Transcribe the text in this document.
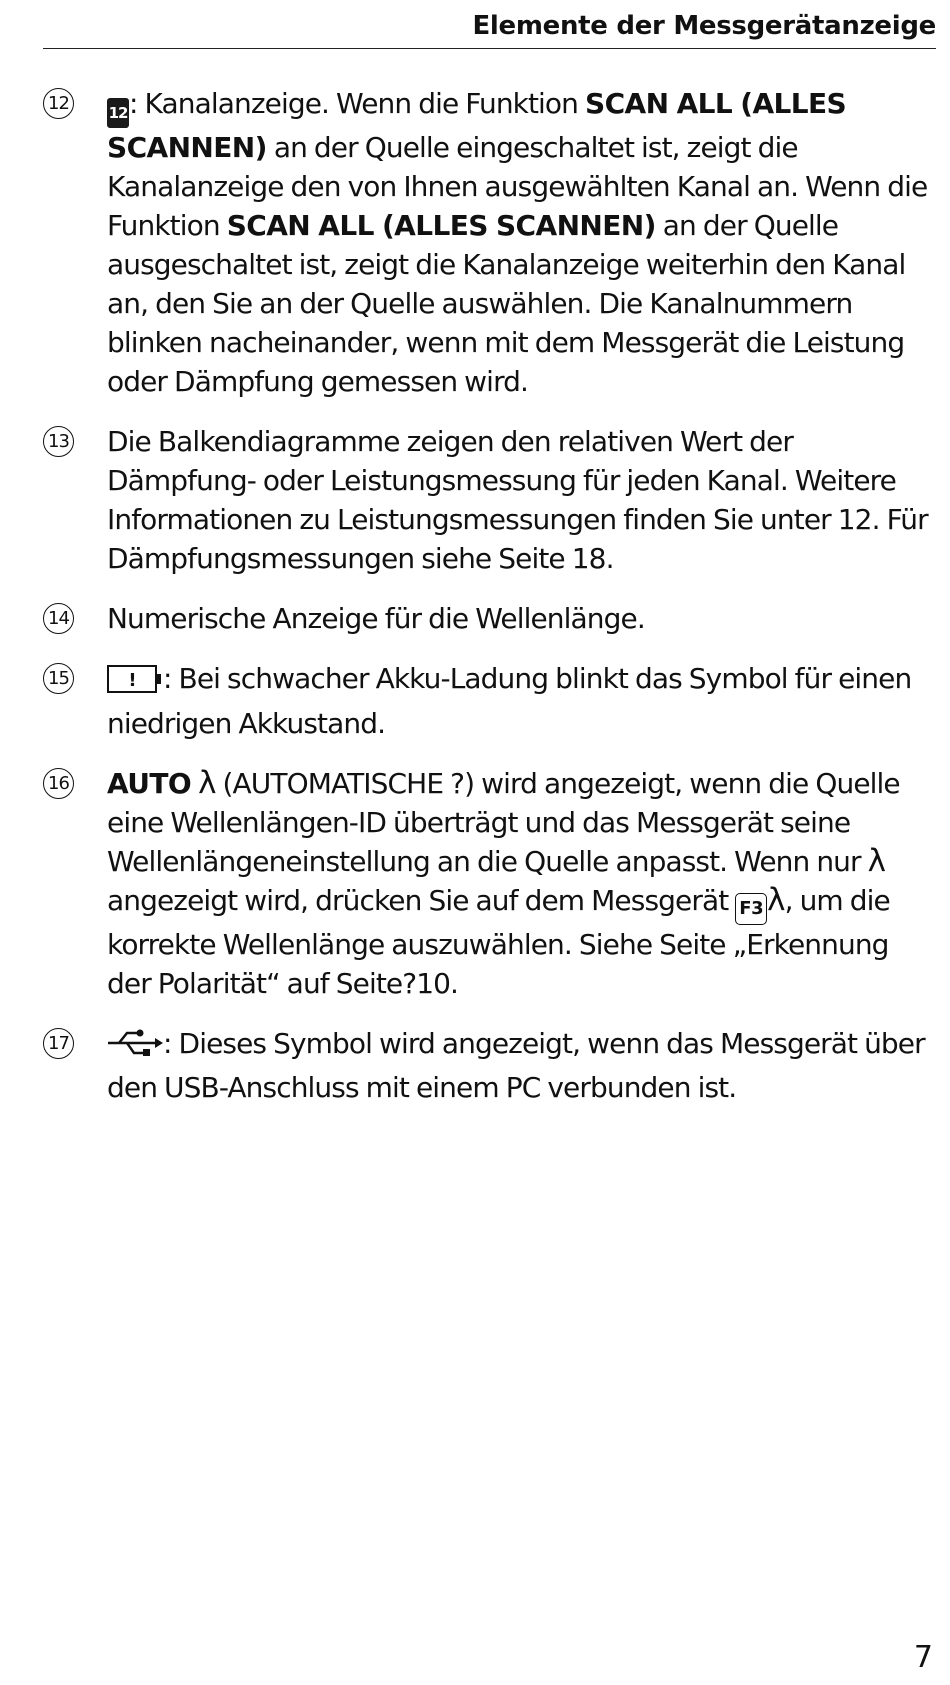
Elemente der Messgerätanzeige
12	12: Kanalanzeige. Wenn die Funktion SCAN ALL (ALLES SCANNEN) an der Quelle eingeschaltet ist, zeigt die Kanalanzeige den von Ihnen ausgewählten Kanal an. Wenn die Funktion SCAN ALL (ALLES SCANNEN) an der Quelle ausgeschaltet ist, zeigt die Kanalanzeige weiterhin den Kanal an, den Sie an der Quelle auswählen. Die Kanalnummern blinken nacheinander, wenn mit dem Messgerät die Leistung oder Dämpfung gemessen wird.

13 Die Balkendiagramme zeigen den relativen Wert der Dämpfung- oder Leistungsmessung für jeden Kanal. Weitere Informationen zu Leistungsmessungen finden Sie unter 12. Für Dämpfungsmessungen siehe Seite 18.

14 Numerische Anzeige für die Wellenlänge.

15	! : Bei schwacher Akku-Ladung blinkt das Symbol für einen niedrigen Akkustand.

16 AUTO λ (AUTOMATISCHE ?) wird angezeigt, wenn die Quelle eine Wellenlängen-ID überträgt und das Messgerät seine Wellenlängeneinstellung an die Quelle anpasst. Wenn nur λ angezeigt wird, drücken Sie auf dem Messgerät F3 λ, um die korrekte Wellenlänge auszuwählen. Siehe Seite „Erkennung der Polarität“ auf Seite?10.

17	: Dieses Symbol wird angezeigt, wenn das Messgerät über den USB-Anschluss mit einem PC verbunden ist.

7
